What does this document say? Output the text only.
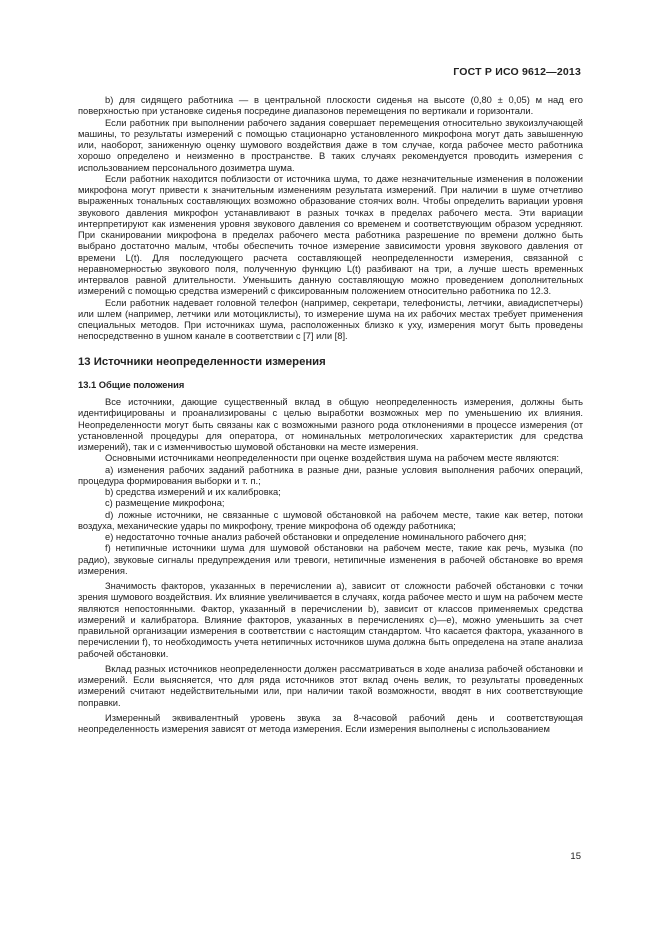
ГОСТ Р ИСО 9612—2013

b) для сидящего работника — в центральной плоскости сиденья на высоте (0,80 ± 0,05) м над его поверхностью при установке сиденья посредине диапазонов перемещения по вертикали и горизонтали.

Если работник при выполнении рабочего задания совершает перемещения относительно звукоизлучающей машины, то результаты измерений с помощью стационарно установленного микрофона могут дать завышенную или, наоборот, заниженную оценку шумового воздействия даже в том случае, когда рабочее место работника хорошо определено и неизменно в пространстве. В таких случаях рекомендуется проводить измерения с использованием персонального дозиметра шума.

Если работник находится поблизости от источника шума, то даже незначительные изменения в положении микрофона могут привести к значительным изменениям результата измерений. При наличии в шуме отчетливо выраженных тональных составляющих возможно образование стоячих волн. Чтобы определить вариации уровня звукового давления микрофон устанавливают в разных точках в пределах рабочего места. Эти вариации интерпретируют как изменения уровня звукового давления со временем и соответствующим образом усредняют. При сканировании микрофона в пределах рабочего места работника разрешение по времени должно быть выбрано достаточно малым, чтобы обеспечить точное измерение зависимости уровня звукового давления от времени L(t). Для последующего расчета составляющей неопределенности измерения, связанной с неравномерностью звукового поля, полученную функцию L(t) разбивают на три, а лучше шесть временных интервалов равной длительности. Уменьшить данную составляющую можно проведением дополнительных измерений с помощью средства измерений с фиксированным положением относительно работника по 12.3.

Если работник надевает головной телефон (например, секретари, телефонисты, летчики, авиадиспетчеры) или шлем (например, летчики или мотоциклисты), то измерение шума на их рабочих местах требует применения специальных методов. При источниках шума, расположенных близко к уху, измерения могут быть проведены непосредственно в ушном канале в соответствии с [7] или [8].

13 Источники неопределенности измерения
13.1 Общие положения

Все источники, дающие существенный вклад в общую неопределенность измерения, должны быть идентифицированы и проанализированы с целью выработки возможных мер по уменьшению их влияния. Неопределенности могут быть связаны как с возможными разного рода отклонениями в процессе измерения (от установленной процедуры для оператора, от номинальных метрологических характеристик для средства измерений), так и с изменчивостью шумовой обстановки на месте измерения.

Основными источниками неопределенности при оценке воздействия шума на рабочем месте являются:

а) изменения рабочих заданий работника в разные дни, разные условия выполнения рабочих операций, процедура формирования выборки и т. п.;

b) средства измерений и их калибровка;

c) размещение микрофона;

d) ложные источники, не связанные с шумовой обстановкой на рабочем месте, такие как ветер, потоки воздуха, механические удары по микрофону, трение микрофона об одежду работника;

e) недостаточно точные анализ рабочей обстановки и определение номинального рабочего дня;

f) нетипичные источники шума для шумовой обстановки на рабочем месте, такие как речь, музыка (по радио), звуковые сигналы предупреждения или тревоги, нетипичные изменения в рабочей обстановке во время измерения.

Значимость факторов, указанных в перечислении а), зависит от сложности рабочей обстановки с точки зрения шумового воздействия. Их влияние увеличивается в случаях, когда рабочее место и шум на рабочем месте являются непостоянными. Фактор, указанный в перечислении b), зависит от классов применяемых средства измерений и калибратора. Влияние факторов, указанных в перечислениях с)—е), можно уменьшить за счет правильной организации измерения в соответствии с настоящим стандартом. Что касается фактора, указанного в перечислении f), то необходимость учета нетипичных источников шума должна быть определена на этапе анализа рабочей обстановки.

Вклад разных источников неопределенности должен рассматриваться в ходе анализа рабочей обстановки и измерений. Если выясняется, что для ряда источников этот вклад очень велик, то результаты проведенных измерений считают недействительными или, при наличии такой возможности, вводят в них соответствующие поправки.

Измеренный эквивалентный уровень звука за 8-часовой рабочий день и соответствующая неопределенность измерения зависят от метода измерения. Если измерения выполнены с использованием

15
